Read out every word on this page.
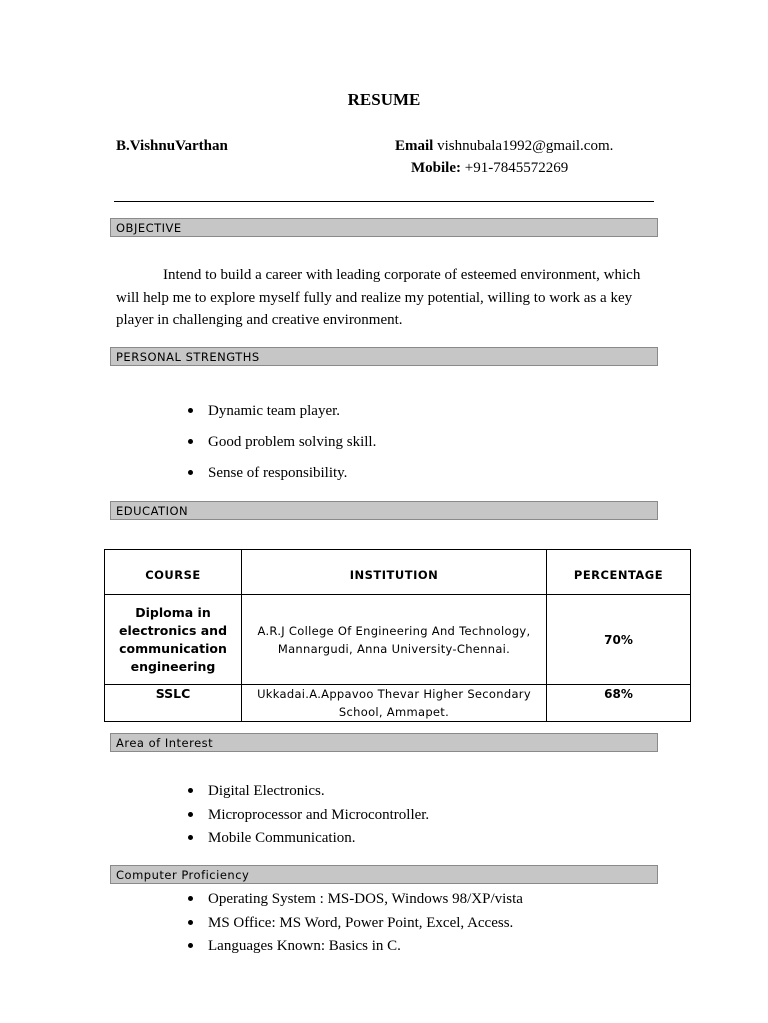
RESUME
B.VishnuVarthan	Email vishnubala1992@gmail.com.
Mobile: +91-7845572269
OBJECTIVE
Intend to build a career with leading corporate of esteemed environment, which will help me to explore myself fully and realize my potential, willing to work as a key player in challenging and creative environment.
PERSONAL STRENGTHS
Dynamic team player.
Good problem solving skill.
Sense of responsibility.
EDUCATION
COURSE	INSTITUTION	PERCENTAGE
Diploma in electronics and communication engineering	A.R.J College Of Engineering And Technology, Mannargudi, Anna University-Chennai.	70%
SSLC	Ukkadai.A.Appavoo Thevar Higher Secondary School, Ammapet.	68%
Area of Interest
Digital Electronics.
Microprocessor and Microcontroller.
Mobile Communication.
Computer Proficiency
Operating System : MS-DOS, Windows 98/XP/vista
MS Office: MS Word, Power Point, Excel, Access.
Languages Known: Basics in C.
